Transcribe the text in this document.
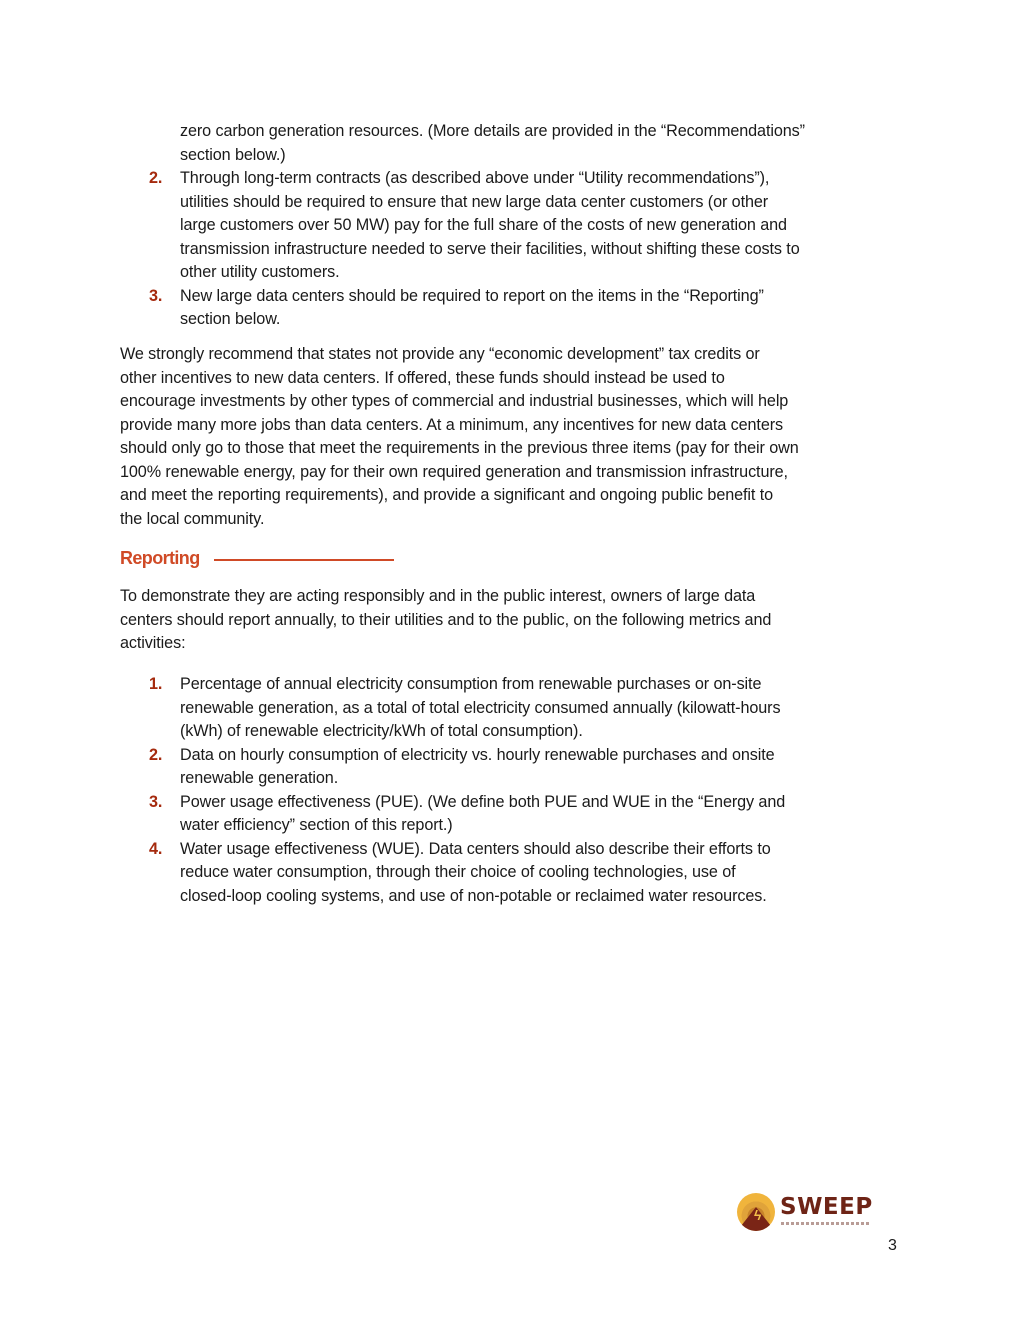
zero carbon generation resources. (More details are provided in the “Recommendations”
section below.)
2. Through long-term contracts (as described above under “Utility recommendations”),
utilities should be required to ensure that new large data center customers (or other
large customers over 50 MW) pay for the full share of the costs of new generation and
transmission infrastructure needed to serve their facilities, without shifting these costs to
other utility customers.
3. New large data centers should be required to report on the items in the “Reporting”
section below.
We strongly recommend that states not provide any “economic development” tax credits or
other incentives to new data centers. If offered, these funds should instead be used to
encourage investments by other types of commercial and industrial businesses, which will help
provide many more jobs than data centers. At a minimum, any incentives for new data centers
should only go to those that meet the requirements in the previous three items (pay for their own
100% renewable energy, pay for their own required generation and transmission infrastructure,
and meet the reporting requirements), and provide a significant and ongoing public benefit to
the local community.
Reporting
To demonstrate they are acting responsibly and in the public interest, owners of large data
centers should report annually, to their utilities and to the public, on the following metrics and
activities:
1. Percentage of annual electricity consumption from renewable purchases or on-site
renewable generation, as a total of total electricity consumed annually (kilowatt-hours
(kWh) of renewable electricity/kWh of total consumption).
2. Data on hourly consumption of electricity vs. hourly renewable purchases and onsite
renewable generation.
3. Power usage effectiveness (PUE). (We define both PUE and WUE in the “Energy and
water efficiency” section of this report.)
4. Water usage effectiveness (WUE). Data centers should also describe their efforts to
reduce water consumption, through their choice of cooling technologies, use of
closed-loop cooling systems, and use of non-potable or reclaimed water resources.
ϟ SWEEP
3
